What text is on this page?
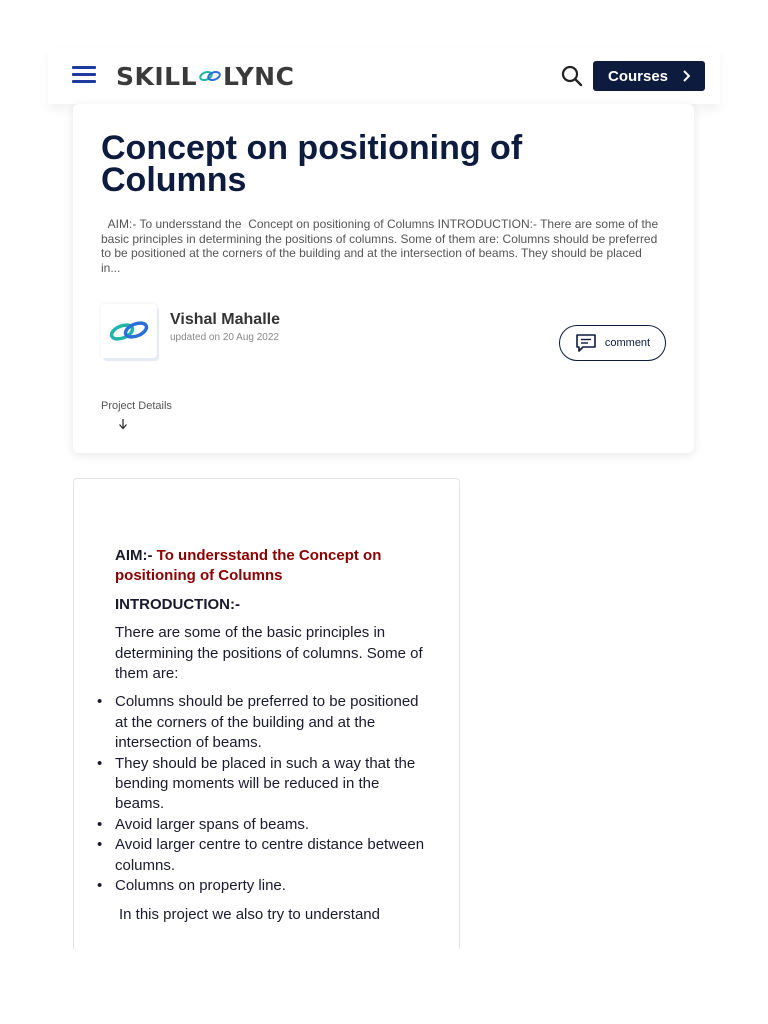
SKILL LYNC	Courses
Concept on positioning of Columns

AIM:- To undersstand the  Concept on positioning of Columns INTRODUCTION:- There are some of the basic principles in determining the positions of columns. Some of them are: Columns should be preferred to be positioned at the corners of the building and at the intersection of beams. They should be placed in...

Vishal Mahalle
updated on 20 Aug 2022	comment
Project Details

AIM:- To undersstand the Concept on positioning of Columns

INTRODUCTION:-

There are some of the basic principles in determining the positions of columns. Some of them are:

• Columns should be preferred to be positioned at the corners of the building and at the intersection of beams.
• They should be placed in such a way that the bending moments will be reduced in the beams.
• Avoid larger spans of beams.
• Avoid larger centre to centre distance between columns.
• Columns on property line.

In this project we also try to understand
